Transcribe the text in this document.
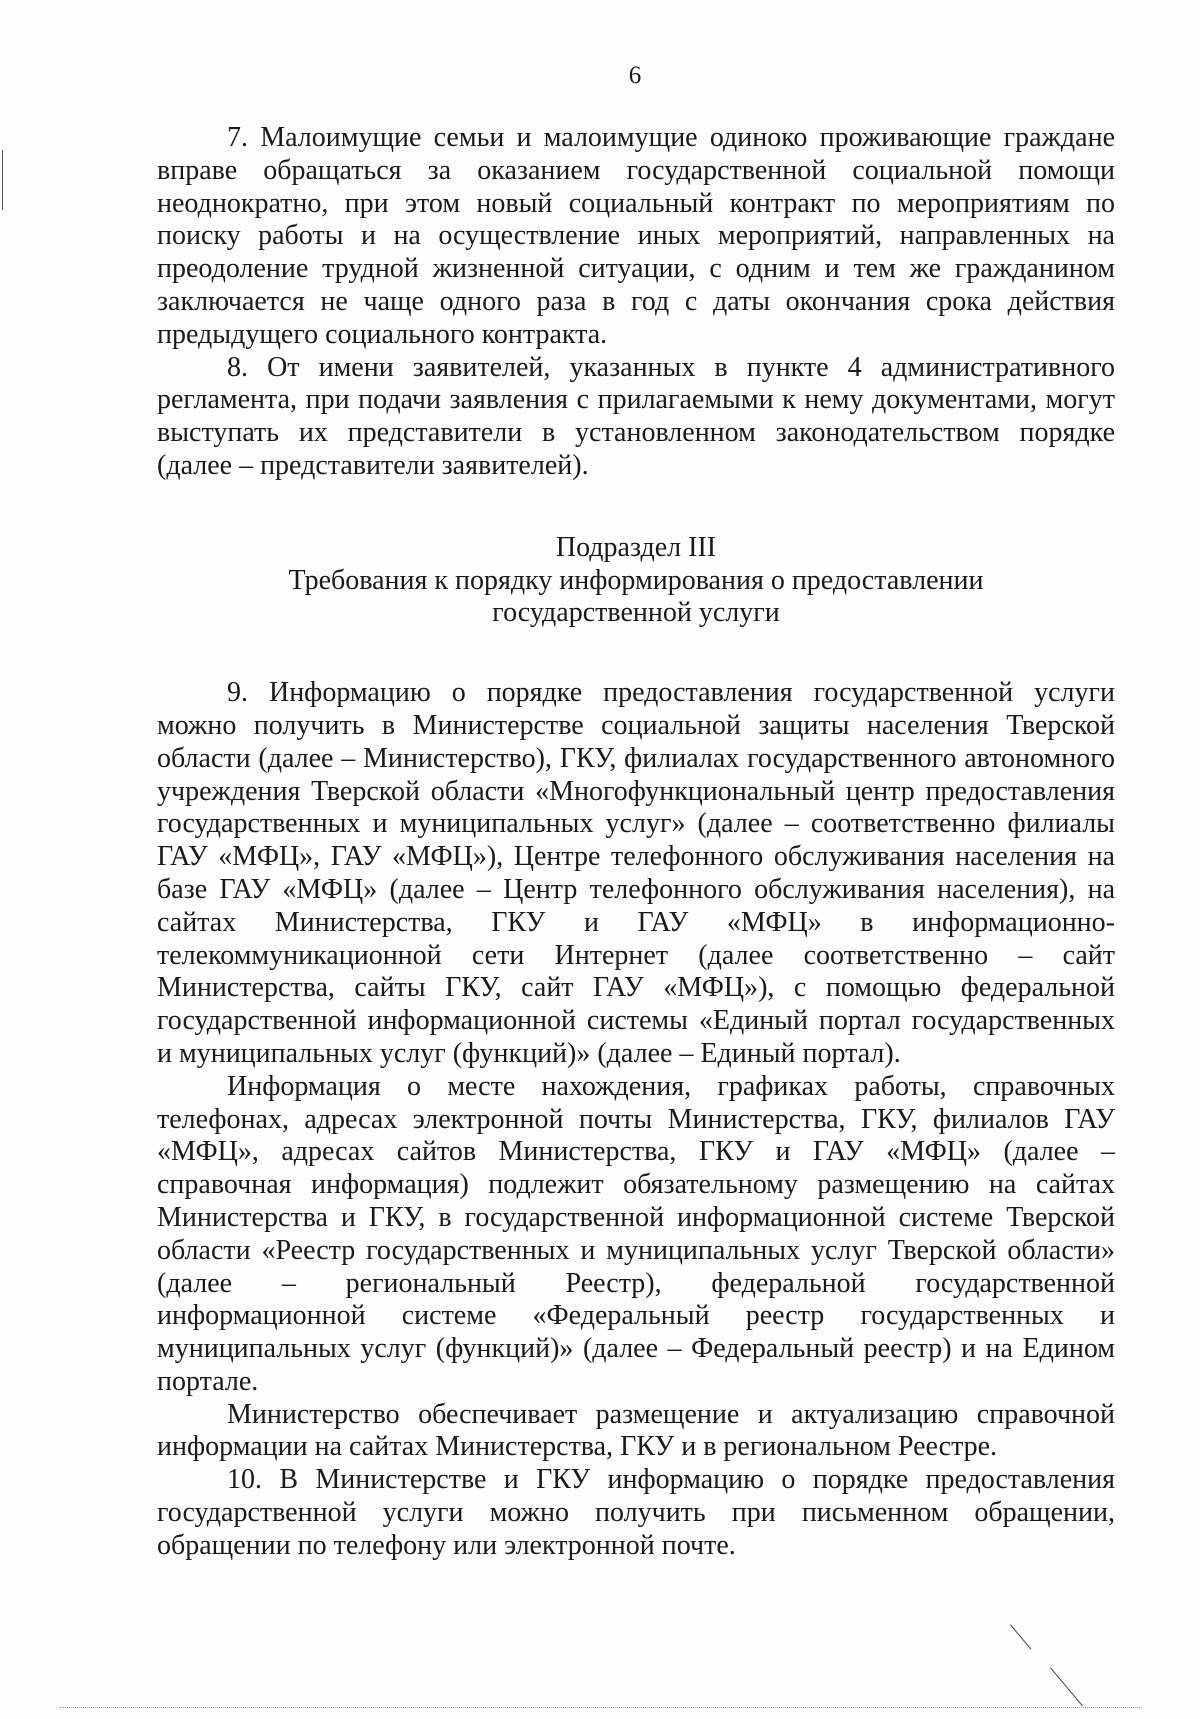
6

7. Малоимущие семьи и малоимущие одиноко проживающие граждане вправе обращаться за оказанием государственной социальной помощи неоднократно, при этом новый социальный контракт по мероприятиям по поиску работы и на осуществление иных мероприятий, направленных на преодоление трудной жизненной ситуации, с одним и тем же гражданином заключается не чаще одного раза в год с даты окончания срока действия предыдущего социального контракта.

8. От имени заявителей, указанных в пункте 4 административного регламента, при подачи заявления с прилагаемыми к нему документами, могут выступать их представители в установленном законодательством порядке (далее – представители заявителей).

Подраздел III
Требования к порядку информирования о предоставлении
государственной услуги

9. Информацию о порядке предоставления государственной услуги можно получить в Министерстве социальной защиты населения Тверской области (далее – Министерство), ГКУ, филиалах государственного автономного учреждения Тверской области «Многофункциональный центр предоставления государственных и муниципальных услуг» (далее – соответственно филиалы ГАУ «МФЦ», ГАУ «МФЦ»), Центре телефонного обслуживания населения на базе ГАУ «МФЦ» (далее – Центр телефонного обслуживания населения), на сайтах Министерства, ГКУ и ГАУ «МФЦ» в информационно-телекоммуникационной сети Интернет (далее соответственно – сайт Министерства, сайты ГКУ, сайт ГАУ «МФЦ»), с помощью федеральной государственной информационной системы «Единый портал государственных и муниципальных услуг (функций)» (далее – Единый портал).

Информация о месте нахождения, графиках работы, справочных телефонах, адресах электронной почты Министерства, ГКУ, филиалов ГАУ «МФЦ», адресах сайтов Министерства, ГКУ и ГАУ «МФЦ» (далее – справочная информация) подлежит обязательному размещению на сайтах Министерства и ГКУ, в государственной информационной системе Тверской области «Реестр государственных и муниципальных услуг Тверской области» (далее – региональный Реестр), федеральной государственной информационной системе «Федеральный реестр государственных и муниципальных услуг (функций)» (далее – Федеральный реестр) и на Едином портале.

Министерство обеспечивает размещение и актуализацию справочной информации на сайтах Министерства, ГКУ и в региональном Реестре.

10. В Министерстве и ГКУ информацию о порядке предоставления государственной услуги можно получить при письменном обращении, обращении по телефону или электронной почте.
